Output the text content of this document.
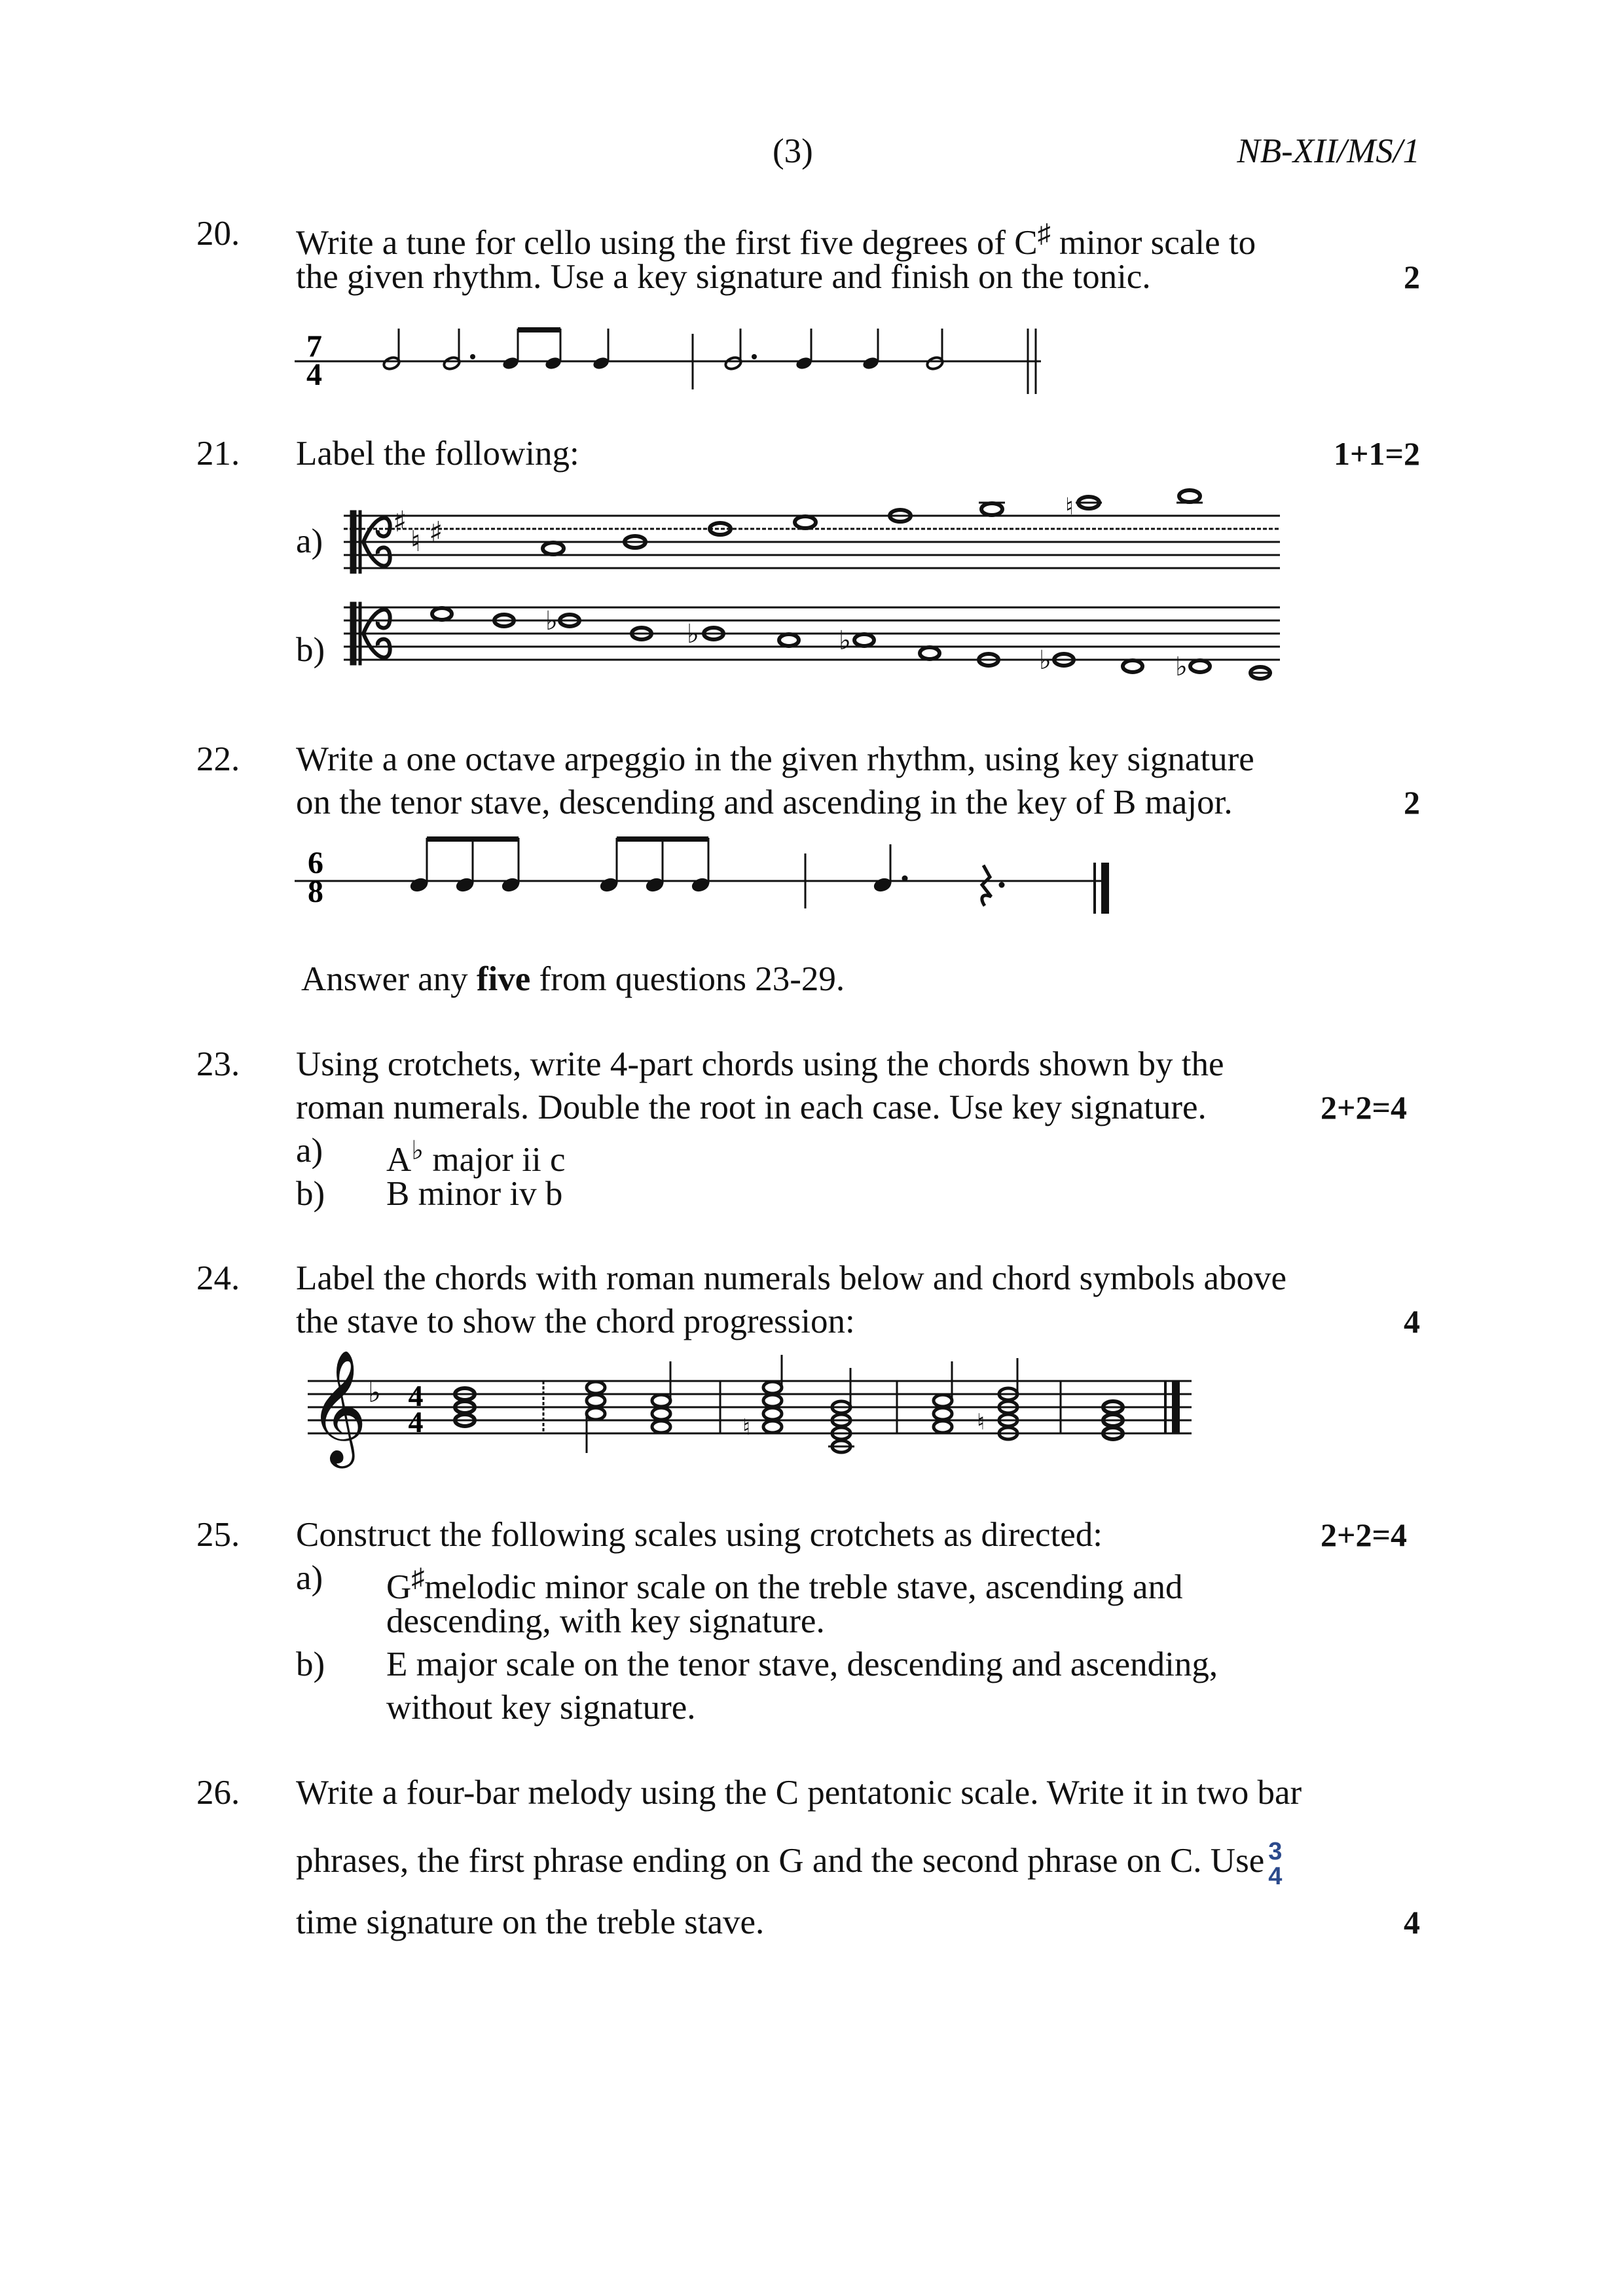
(3)	NB-XII/MS/1
20. Write a tune for cello using the first five degrees of C♯ minor scale to
the given rhythm. Use a key signature and finish on the tonic.	2
7
4
21. Label the following:	1+1=2
a)
♯
♮ ♯
♮
b)
♭	♭	♭
♭	♭
22. Write a one octave arpeggio in the given rhythm, using key signature
on the tenor stave, descending and ascending in the key of B major.	2
6
8
Answer any five from questions 23-29.
23. Using crotchets, write 4-part chords using the chords shown by the
roman numerals. Double the root in each case. Use key signature.	2+2=4
a) A♭ major ii c
b) B minor iv b
24. Label the chords with roman numerals below and chord symbols above
the stave to show the chord progression:	4
𝄞 ♭ 4
4	♮	♮
25. Construct the following scales using crotchets as directed:	2+2=4
a) G♯melodic minor scale on the treble stave, ascending and
descending, with key signature.
b) E major scale on the tenor stave, descending and ascending,
without key signature.
26. Write a four-bar melody using the C pentatonic scale. Write it in two bar
phrases, the first phrase ending on G and the second phrase on C. Use 3
4
time signature on the treble stave.	4
